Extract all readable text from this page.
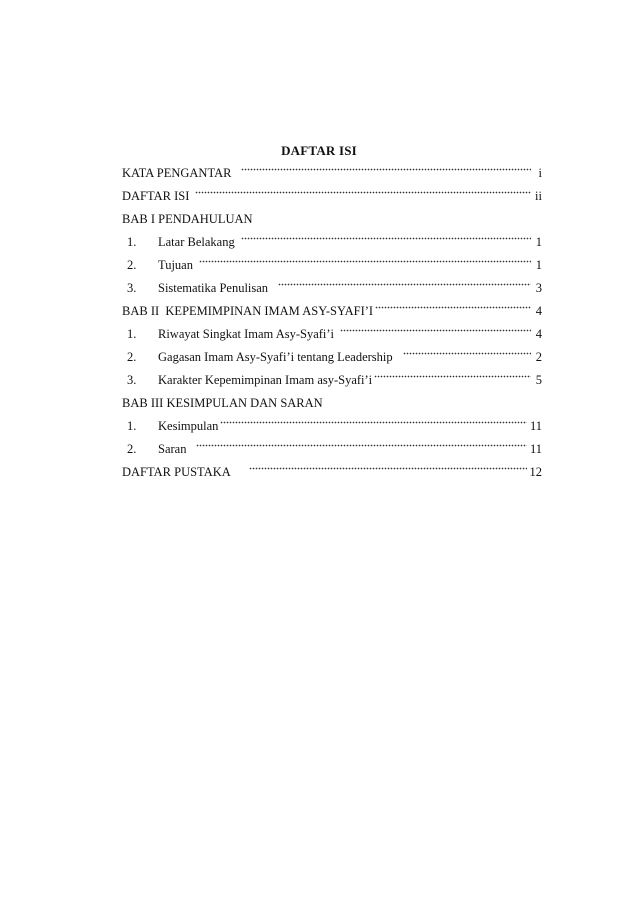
DAFTAR ISI
KATA PENGANTAR	i
DAFTAR ISI	ii
BAB I PENDAHULUAN
1.	Latar Belakang	1
2.	Tujuan	1
3.	Sistematika Penulisan	3
BAB II  KEPEMIMPINAN IMAM ASY-SYAFI’I	4
1.	Riwayat Singkat Imam Asy-Syafi’i	4
2.	Gagasan Imam Asy-Syafi’i tentang Leadership	2
3.	Karakter Kepemimpinan Imam asy-Syafi’i	5
BAB III KESIMPULAN DAN SARAN
1.	Kesimpulan	11
2.	Saran	11
DAFTAR PUSTAKA	12
